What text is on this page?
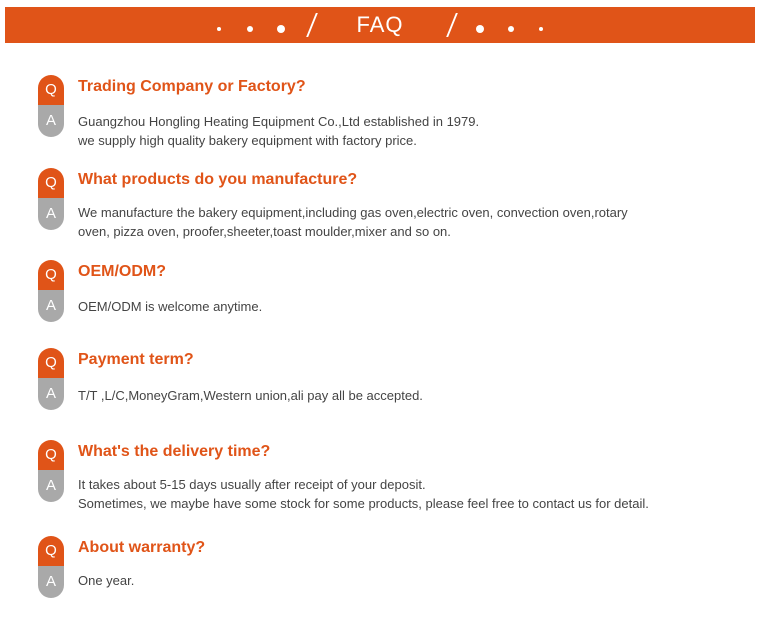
FAQ
Q
A
Trading Company or Factory?
Guangzhou Hongling Heating Equipment Co.,Ltd established in 1979.
we supply high quality bakery equipment with factory price.
Q
A
What products do you manufacture?
We manufacture the bakery equipment,including gas oven,electric oven, convection oven,rotary
oven, pizza oven, proofer,sheeter,toast moulder,mixer and so on.
Q
A
OEM/ODM?
OEM/ODM is welcome anytime.
Q
A
Payment term?
T/T ,L/C,MoneyGram,Western union,ali pay all be accepted.
Q
A
What's the delivery time?
It takes about 5-15 days usually after receipt of your deposit.
Sometimes, we maybe have some stock for some products, please feel free to contact us for detail.
Q
A
About warranty?
One year.
